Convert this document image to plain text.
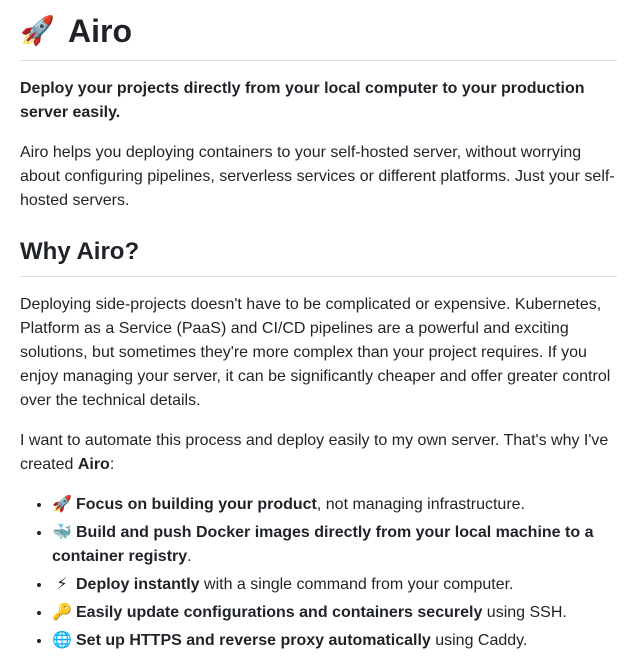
🚀 Airo

Deploy your projects directly from your local computer to your production server easily.

Airo helps you deploying containers to your self-hosted server, without worrying about configuring pipelines, serverless services or different platforms. Just your self-hosted servers.

Why Airo?

Deploying side-projects doesn't have to be complicated or expensive. Kubernetes, Platform as a Service (PaaS) and CI/CD pipelines are a powerful and exciting solutions, but sometimes they're more complex than your project requires. If you enjoy managing your server, it can be significantly cheaper and offer greater control over the technical details.

I want to automate this process and deploy easily to my own server. That's why I've created Airo:

• 🚀 Focus on building your product, not managing infrastructure.
• 🐳 Build and push Docker images directly from your local machine to a container registry.
• ⚡ Deploy instantly with a single command from your computer.
• 🔑 Easily update configurations and containers securely using SSH.
• 🌐 Set up HTTPS and reverse proxy automatically using Caddy.
